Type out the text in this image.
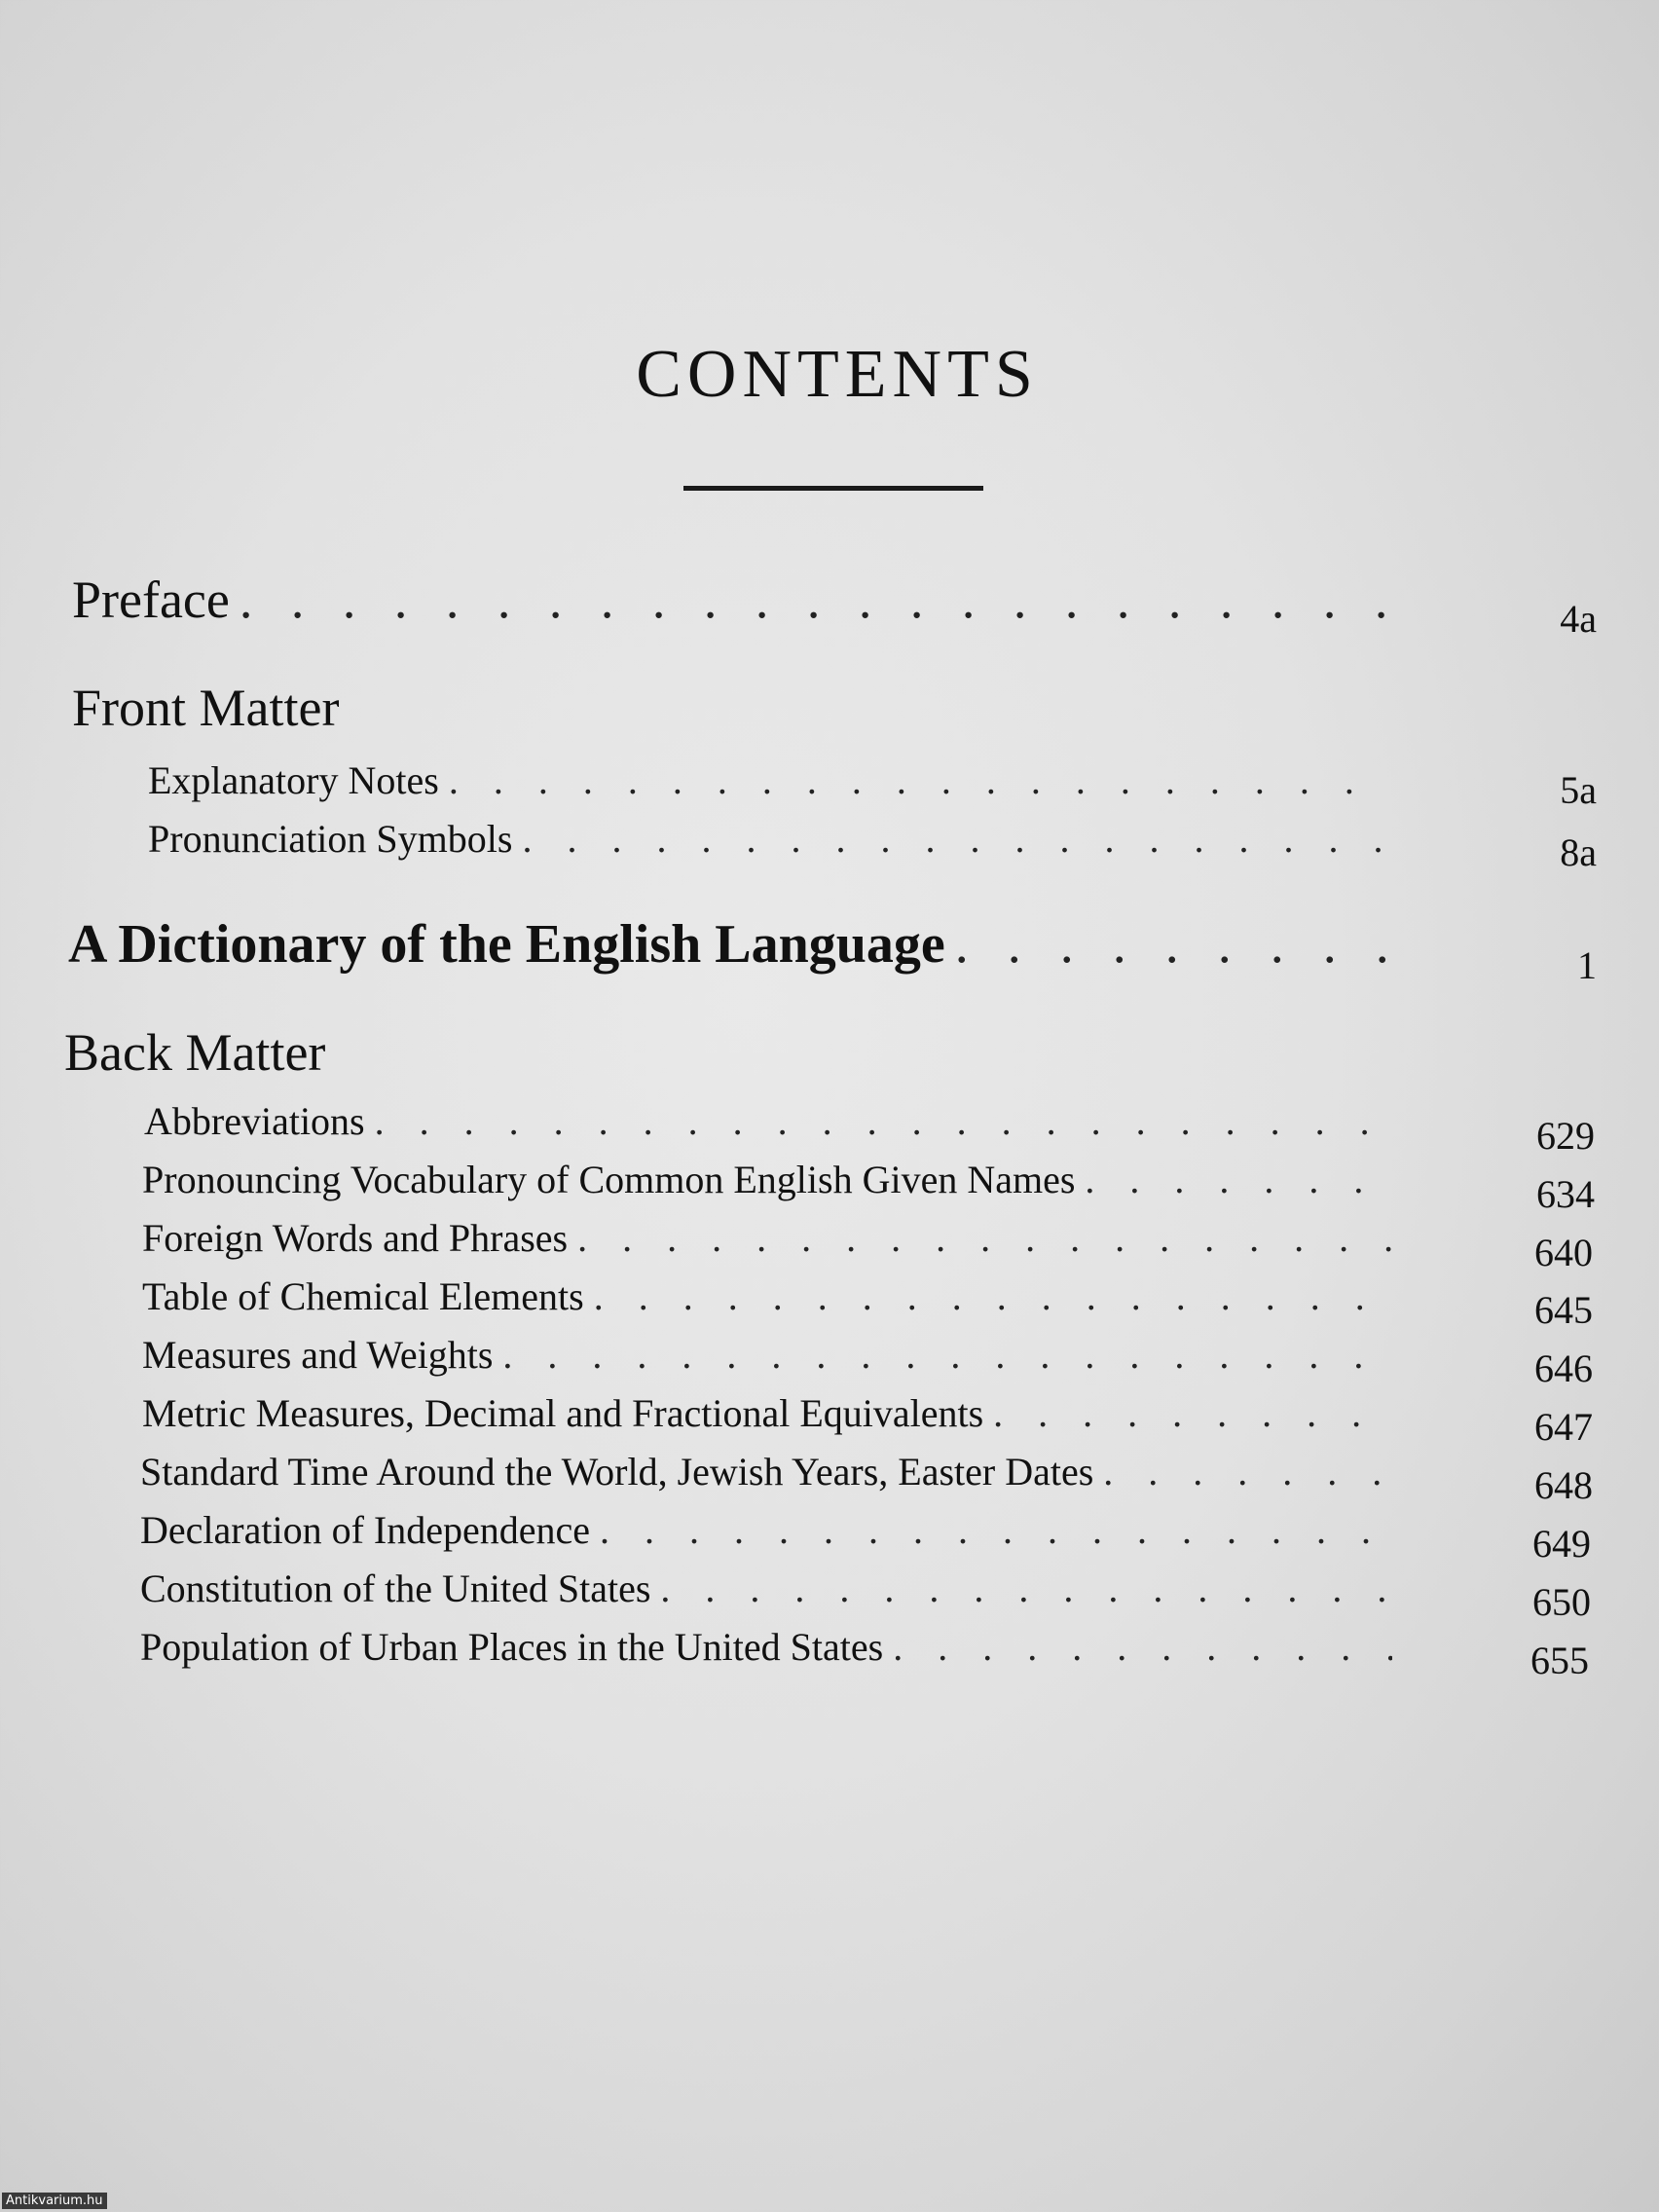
CONTENTS
Preface . . .	4a
Front Matter
Explanatory Notes . . .	5a
Pronunciation Symbols . . .	8a
A Dictionary of the English Language . . .	1
Back Matter
Abbreviations . . .	629
Pronouncing Vocabulary of Common English Given Names . . .	634
Foreign Words and Phrases . . .	640
Table of Chemical Elements . . .	645
Measures and Weights . . .	646
Metric Measures, Decimal and Fractional Equivalents . . .	647
Standard Time Around the World, Jewish Years, Easter Dates . . .	648
Declaration of Independence . . .	649
Constitution of the United States . . .	650
Population of Urban Places in the United States . . .	655
Antikvarium.hu
